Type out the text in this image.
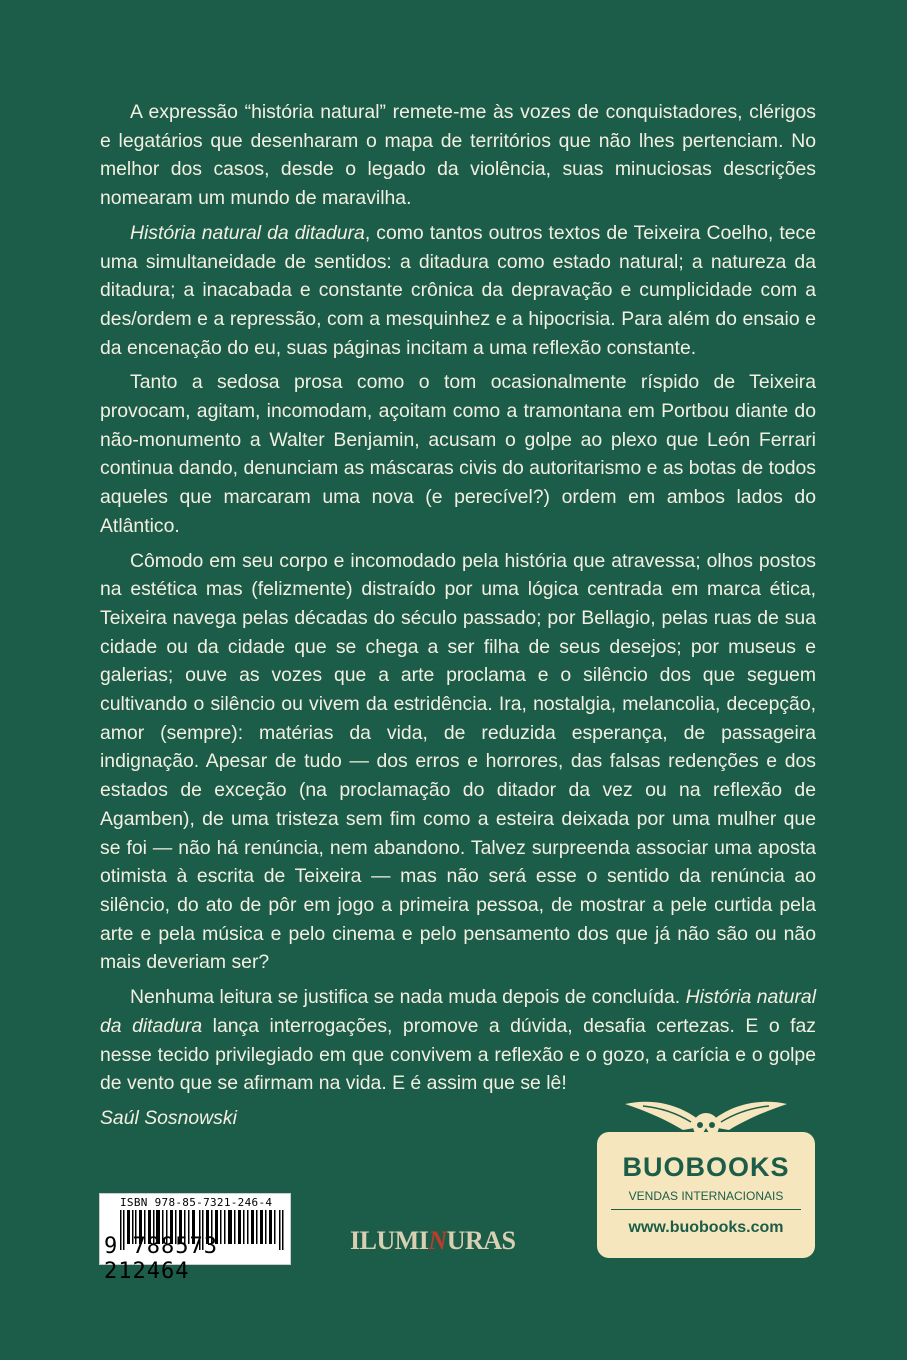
A expressão “história natural” remete-me às vozes de conquistadores, clérigos e legatários que desenharam o mapa de territórios que não lhes pertenciam. No melhor dos casos, desde o legado da violência, suas minuciosas descrições nomearam um mundo de maravilha.

História natural da ditadura, como tantos outros textos de Teixeira Coelho, tece uma simultaneidade de sentidos: a ditadura como estado natural; a natureza da ditadura; a inacabada e constante crônica da depravação e cumplicidade com a des/ordem e a repressão, com a mesquinhez e a hipocrisia. Para além do ensaio e da encenação do eu, suas páginas incitam a uma reflexão constante.

Tanto a sedosa prosa como o tom ocasionalmente ríspido de Teixeira provocam, agitam, incomodam, açoitam como a tramontana em Portbou diante do não-monumento a Walter Benjamin, acusam o golpe ao plexo que León Ferrari continua dando, denunciam as máscaras civis do autoritarismo e as botas de todos aqueles que marcaram uma nova (e perecível?) ordem em ambos lados do Atlântico.

Cômodo em seu corpo e incomodado pela história que atravessa; olhos postos na estética mas (felizmente) distraído por uma lógica centrada em marca ética, Teixeira navega pelas décadas do século passado; por Bellagio, pelas ruas de sua cidade ou da cidade que se chega a ser filha de seus desejos; por museus e galerias; ouve as vozes que a arte proclama e o silêncio dos que seguem cultivando o silêncio ou vivem da estridência. Ira, nostalgia, melancolia, decepção, amor (sempre): matérias da vida, de reduzida esperança, de passageira indignação. Apesar de tudo — dos erros e horrores, das falsas redenções e dos estados de exceção (na proclamação do ditador da vez ou na reflexão de Agamben), de uma tristeza sem fim como a esteira deixada por uma mulher que se foi — não há renúncia, nem abandono. Talvez surpreenda associar uma aposta otimista à escrita de Teixeira — mas não será esse o sentido da renúncia ao silêncio, do ato de pôr em jogo a primeira pessoa, de mostrar a pele curtida pela arte e pela música e pelo cinema e pelo pensamento dos que já não são ou não mais deveriam ser?

Nenhuma leitura se justifica se nada muda depois de concluída. História natural da ditadura lança interrogações, promove a dúvida, desafia certezas. E o faz nesse tecido privilegiado em que convivem a reflexão e o gozo, a carícia e o golpe de vento que se afirmam na vida. E é assim que se lê!

Saúl Sosnowski

ISBN 978-85-7321-246-4
9 788573 212464
ILUMINURAS
BUOBOOKS
VENDAS INTERNACIONAIS
www.buobooks.com
